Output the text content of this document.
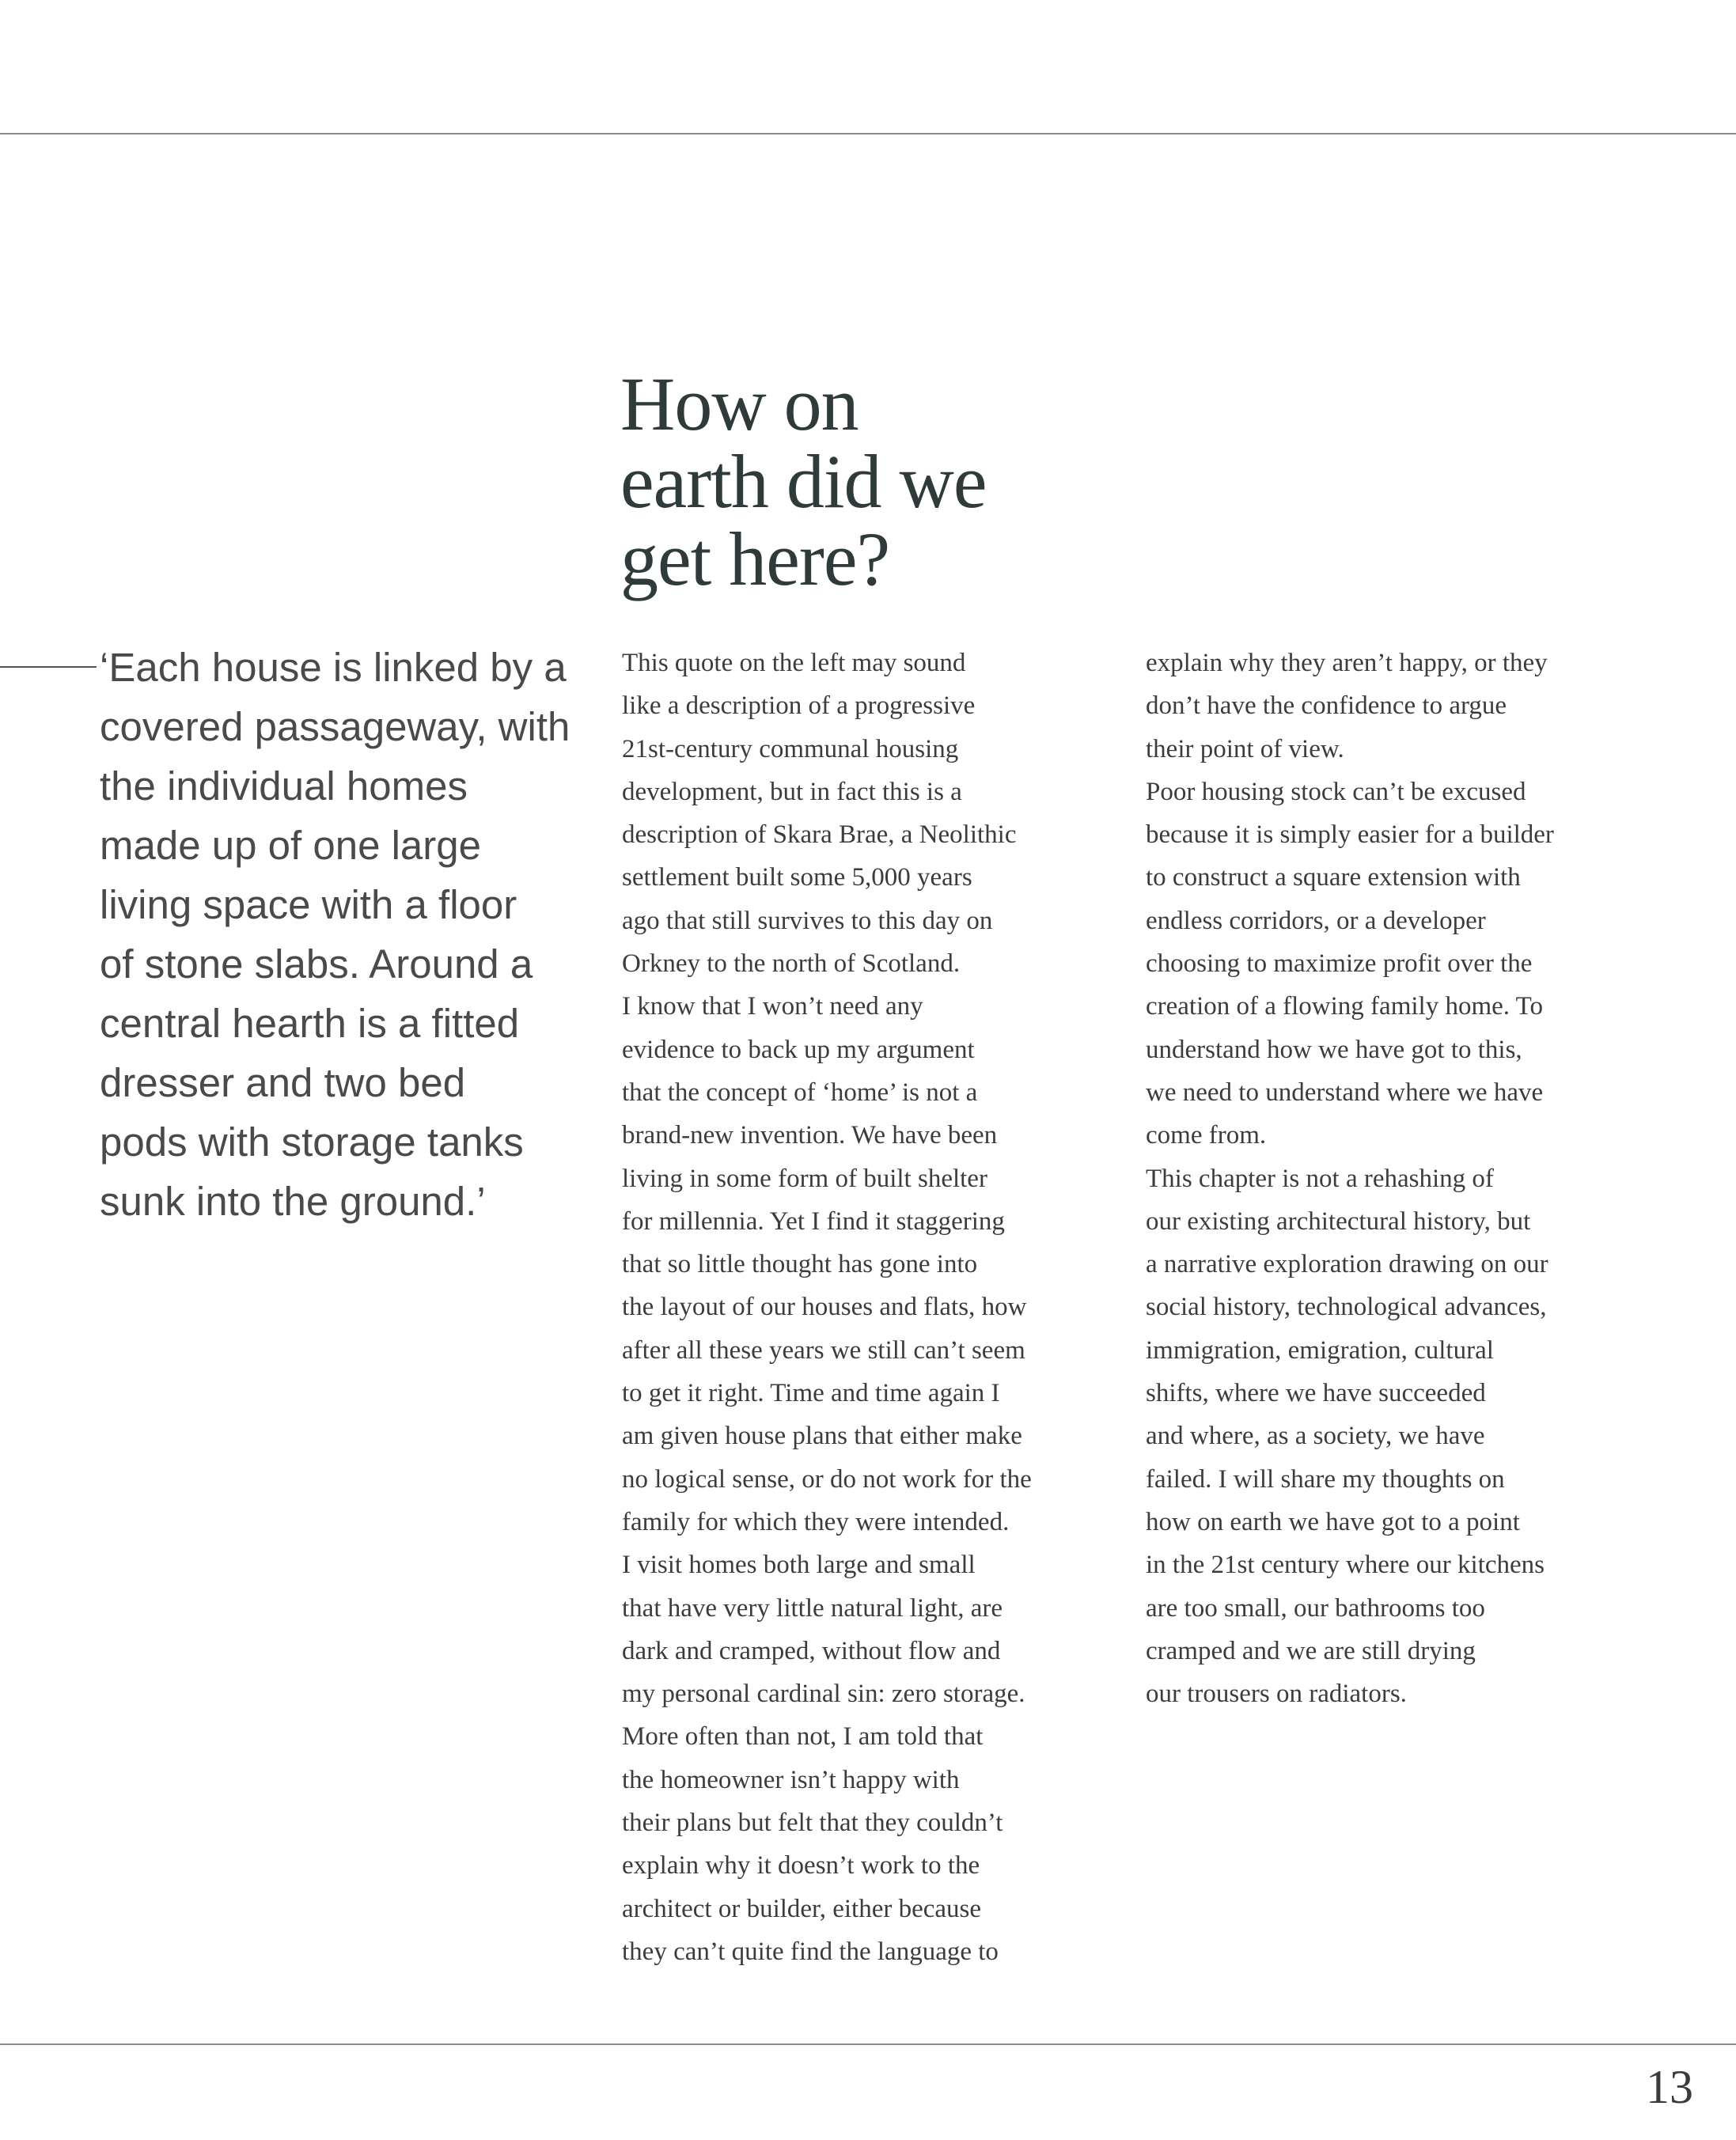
‘Each house is linked by a
covered passageway, with
the individual homes
made up of one large
living space with a floor
of stone slabs. Around a
central hearth is a fitted
dresser and two bed
pods with storage tanks
sunk into the ground.’
How on
earth did we
get here?

This quote on the left may sound
like a description of a progressive
21st-century communal housing
development, but in fact this is a
description of Skara Brae, a Neolithic
settlement built some 5,000 years
ago that still survives to this day on
Orkney to the north of Scotland.

I know that I won’t need any
evidence to back up my argument
that the concept of ‘home’ is not a
brand-new invention. We have been
living in some form of built shelter
for millennia. Yet I find it staggering
that so little thought has gone into
the layout of our houses and flats, how
after all these years we still can’t seem
to get it right. Time and time again I
am given house plans that either make
no logical sense, or do not work for the
family for which they were intended.
I visit homes both large and small
that have very little natural light, are
dark and cramped, without flow and
my personal cardinal sin: zero storage.
More often than not, I am told that
the homeowner isn’t happy with
their plans but felt that they couldn’t
explain why it doesn’t work to the
architect or builder, either because
they can’t quite find the language to

explain why they aren’t happy, or they
don’t have the confidence to argue
their point of view.

Poor housing stock can’t be excused
because it is simply easier for a builder
to construct a square extension with
endless corridors, or a developer
choosing to maximize profit over the
creation of a flowing family home. To
understand how we have got to this,
we need to understand where we have
come from.

This chapter is not a rehashing of
our existing architectural history, but
a narrative exploration drawing on our
social history, technological advances,
immigration, emigration, cultural
shifts, where we have succeeded
and where, as a society, we have
failed. I will share my thoughts on
how on earth we have got to a point
in the 21st century where our kitchens
are too small, our bathrooms too
cramped and we are still drying
our trousers on radiators.

13
